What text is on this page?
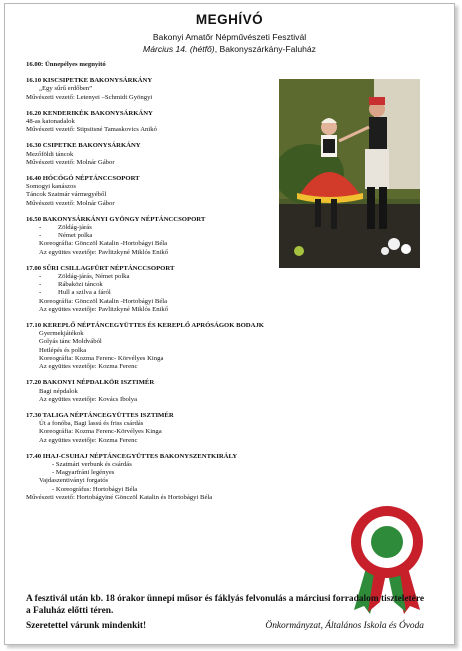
MEGHÍVÓ
Bakonyi Amatőr Népművészeti Fesztivál
Március 14. (hétfő), Bakonyszárkány-Faluház
16.00: Ünnepélyes megnyitó
16.10 KISCSIPETKE BAKONYSÁRKÁNY
„Egy sűrű erdőben”
Művészeti vezető: Letenyei –Schmidt Gyöngyi
16.20 KENDERIKÉK BAKONYSÁRKÁNY
48-as katonadalok
Művészeti vezető: Stipsitsné Tamaskovics Anikó
16.30 CSIPETKE BAKONYSÁRKÁNY
Mezőföldi táncok
Művészeti vezető: Molnár Gábor
16.40 HÓCÓGÓ NÉPTÁNCCSOPORT
Somogyi kanászos
Táncok Szatmár vármegyéből
Művészeti vezető: Molnár Gábor
16.50 BAKONYSÁRKÁNYI GYÖNGY NÉPTÁNCCSOPORT
-	Zöldág-járás
-	Német polka
Koreográfia: Gönczöl Katalin -Hortobágyi Béla
Az együttes vezetője: Pavlitzkyné Miklós Enikő
17.00 SŰRI CSILLAGFÜRT NÉPTÁNCCSOPORT
-	Zöldág-járás, Német polka
-	Rábaközi táncok
-	Hull a szilva a fáról
Koreográfia: Gönczöl Katalin -Hortobágyi Béla
Az együttes vezetője: Pavlitzkyné Miklós Enikő
17.10 KEREPLŐ NÉPTÁNCEGYÜTTES ÉS KEREPLŐ APRÓSÁGOK BODAJK
Gyermekjátékok
Golyás tánc Moldvából
Hetlépés és polka
Koreográfia: Kozma Ferenc- Körvélyes Kinga
Az együttes vezetője: Kozma Ferenc
17.20 BAKONYI NÉPDALKÖR ISZTIMÉR
Bagi népdalok
Az együttes vezetője: Kovács Ibolya
17.30 TALIGA NÉPTÁNCEGYÜTTES ISZTIMÉR
Út a fonóba, Bagi lassú és friss csárdás
Koreográfia: Kozma Ferenc-Körvélyes Kinga
Az együttes vezetője: Kozma Ferenc
17.40 IHAJ-CSUHAJ NÉPTÁNCEGYÜTTES BAKONYSZENTKIRÁLY
- Szatmári verbunk és csárdás
- Magyarfráni legényes
Vajdaszentiványi forgatós
- Koreográfus: Hortobágyi Béla
Művészeti vezető: Hortobágyiné Gönczöl Katalin és Hortobágyi Béla
A fesztivál után kb. 18 órakor ünnepi műsor és fáklyás felvonulás a márciusi forradalom tiszteletére a Faluház előtti téren.
Szeretettel várunk mindenkit!	Önkormányzat, Általános Iskola és Óvoda
